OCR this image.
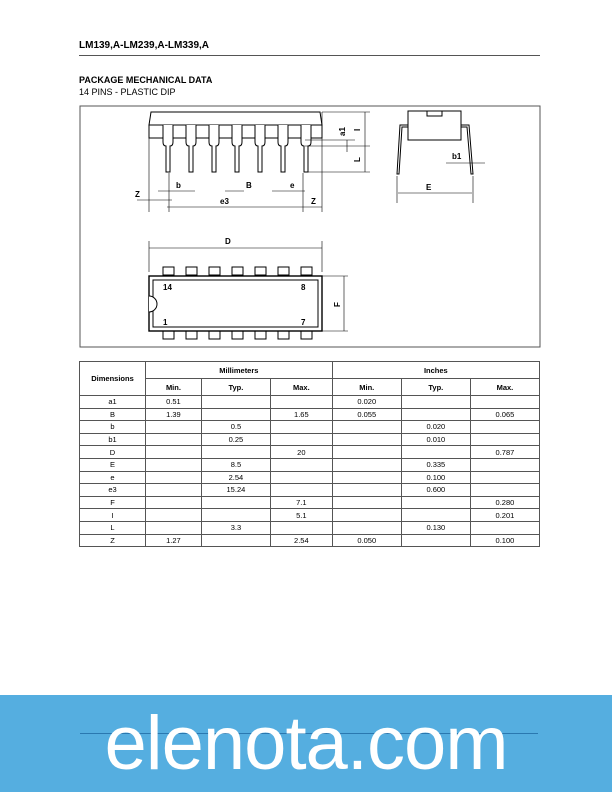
LM139,A-LM239,A-LM339,A
PACKAGE MECHANICAL DATA
14 PINS - PLASTIC DIP
Z
b	B	e
e3	Z
a1 I
L
E
b1
D
F
14	8
1	7
Dimensions	Millimeters			Inches		
	Min.	Typ.	Max.	Min.	Typ.	Max.
a1	0.51			0.020		
B	1.39		1.65	0.055		0.065
b		0.5			0.020	
b1		0.25			0.010	
D			20			0.787
E		8.5			0.335	
e		2.54			0.100	
e3		15.24			0.600	
F			7.1			0.280
I			5.1			0.201
L		3.3			0.130	
Z	1.27		2.54	0.050		0.100
elenota.com
